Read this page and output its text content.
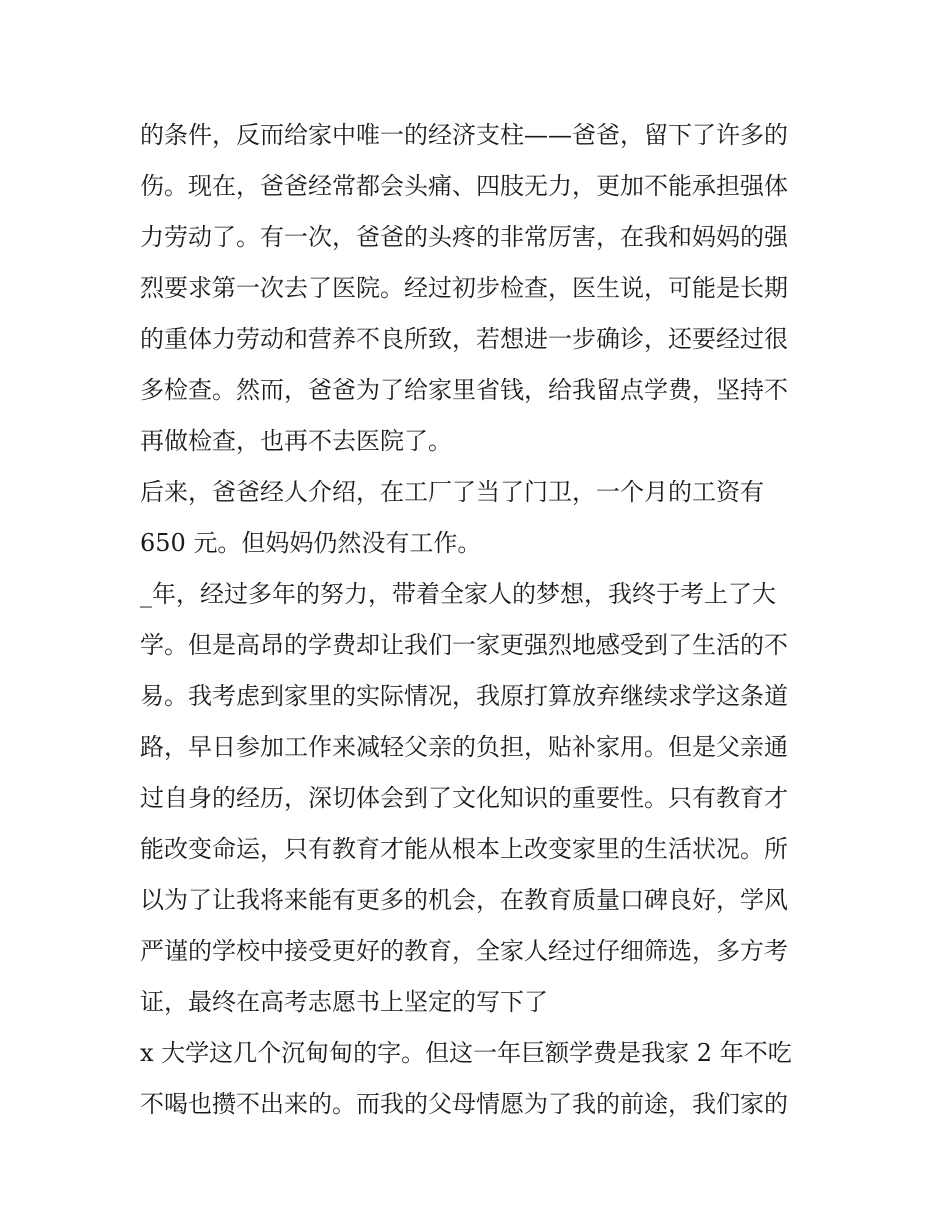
的条件，反而给家中唯一的经济支柱——爸爸，留下了许多的
伤。现在，爸爸经常都会头痛、四肢无力，更加不能承担强体
力劳动了。有一次，爸爸的头疼的非常厉害，在我和妈妈的强
烈要求第一次去了医院。经过初步检查，医生说，可能是长期
的重体力劳动和营养不良所致，若想进一步确诊，还要经过很
多检查。然而，爸爸为了给家里省钱，给我留点学费，坚持不
再做检查，也再不去医院了。
后来，爸爸经人介绍，在工厂了当了门卫，一个月的工资有
650 元。但妈妈仍然没有工作。
_年，经过多年的努力，带着全家人的梦想，我终于考上了大
学。但是高昂的学费却让我们一家更强烈地感受到了生活的不
易。我考虑到家里的实际情况，我原打算放弃继续求学这条道
路，早日参加工作来减轻父亲的负担，贴补家用。但是父亲通
过自身的经历，深切体会到了文化知识的重要性。只有教育才
能改变命运，只有教育才能从根本上改变家里的生活状况。所
以为了让我将来能有更多的机会，在教育质量口碑良好，学风
严谨的学校中接受更好的教育，全家人经过仔细筛选，多方考
证，最终在高考志愿书上坚定的写下了
x 大学这几个沉甸甸的字。但这一年巨额学费是我家 2 年不吃
不喝也攒不出来的。而我的父母情愿为了我的前途，我们家的
